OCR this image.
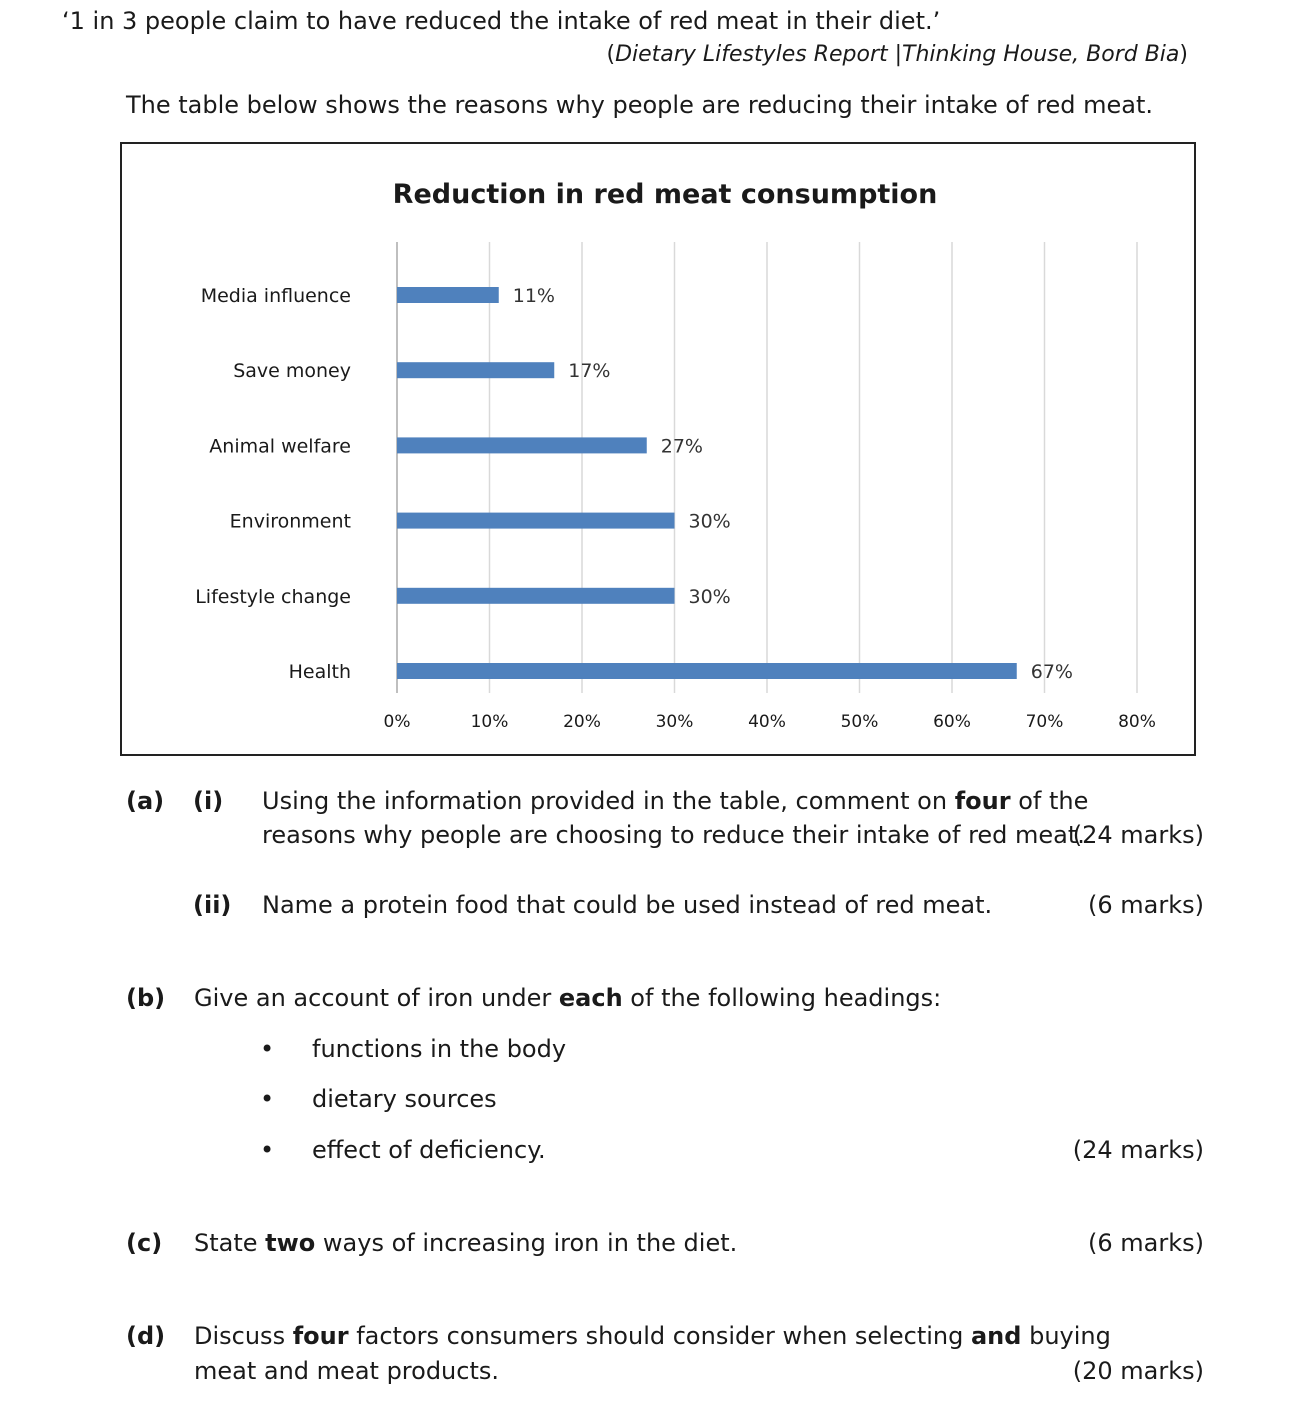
‘1 in 3 people claim to have reduced the intake of red meat in their diet.’
(Dietary Lifestyles Report |Thinking House, Bord Bia)
The table below shows the reasons why people are reducing their intake of red meat.
Reduction in red meat consumption
0%	10%	20%	30%	40%	50%	60%	70%	80%
Media influence	11%
Save money	17%
Animal welfare	27%
Environment	30%
Lifestyle change	30%
Health	67%
(a) (i) Using the information provided in the table, comment on four of the
reasons why people are choosing to reduce their intake of red meat.
(24 marks)
(ii) Name a protein food that could be used instead of red meat.	(6 marks)
(b) Give an account of iron under each of the following headings:
• functions in the body
• dietary sources
• effect of deficiency.	(24 marks)
(c) State two ways of increasing iron in the diet.	(6 marks)
(d) Discuss four factors consumers should consider when selecting and buying
meat and meat products.	(20 marks)
